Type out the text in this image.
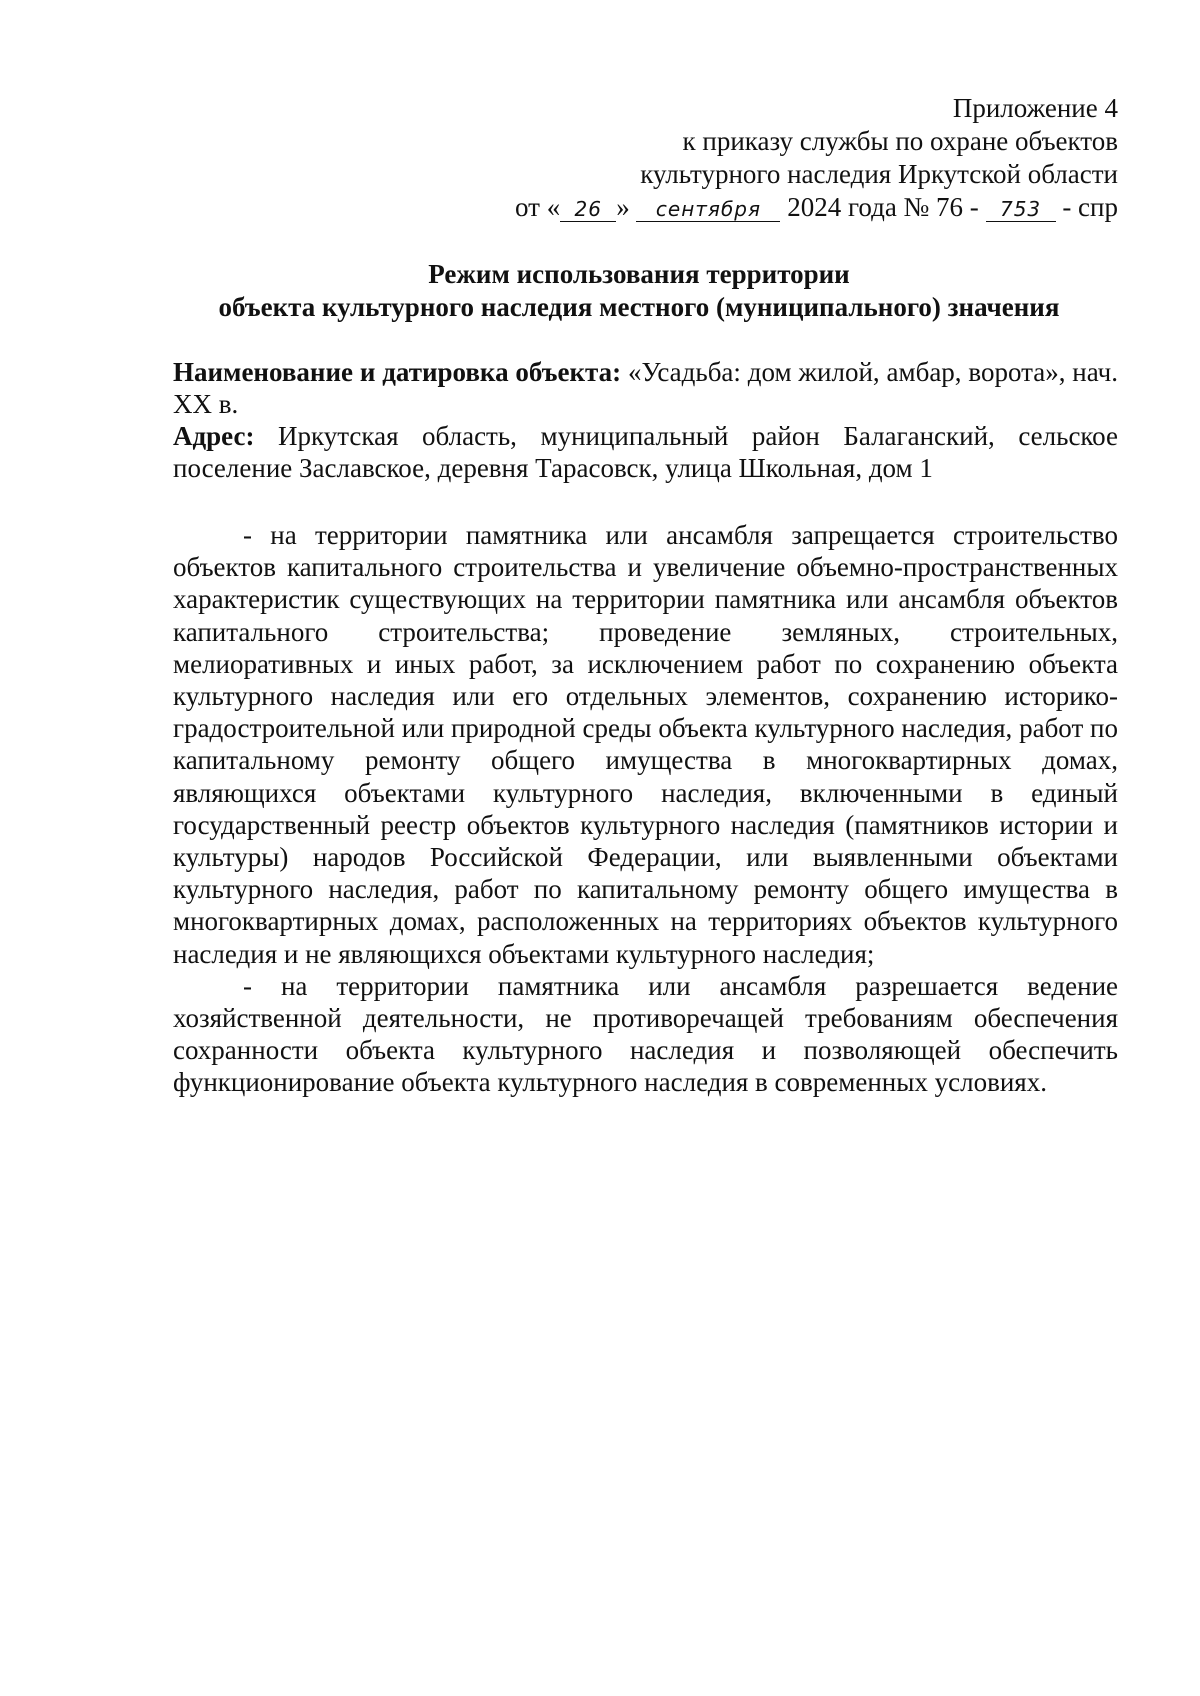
Приложение 4
к приказу службы по охране объектов
культурного наследия Иркутской области
от « 26 » сентября 2024 года № 76 - 753 - спр
Режим использования территории
объекта культурного наследия местного (муниципального) значения

Наименование и датировка объекта: «Усадьба: дом жилой, амбар, ворота», нач. XX в.

Адрес: Иркутская область, муниципальный район Балаганский, сельское поселение Заславское, деревня Тарасовск, улица Школьная, дом 1

- на территории памятника или ансамбля запрещается строительство объектов капитального строительства и увеличение объемно-пространственных характеристик существующих на территории памятника или ансамбля объектов капитального строительства; проведение земляных, строительных, мелиоративных и иных работ, за исключением работ по сохранению объекта культурного наследия или его отдельных элементов, сохранению историко-градостроительной или природной среды объекта культурного наследия, работ по капитальному ремонту общего имущества в многоквартирных домах, являющихся объектами культурного наследия, включенными в единый государственный реестр объектов культурного наследия (памятников истории и культуры) народов Российской Федерации, или выявленными объектами культурного наследия, работ по капитальному ремонту общего имущества в многоквартирных домах, расположенных на территориях объектов культурного наследия и не являющихся объектами культурного наследия;

- на территории памятника или ансамбля разрешается ведение хозяйственной деятельности, не противоречащей требованиям обеспечения сохранности объекта культурного наследия и позволяющей обеспечить функционирование объекта культурного наследия в современных условиях.
